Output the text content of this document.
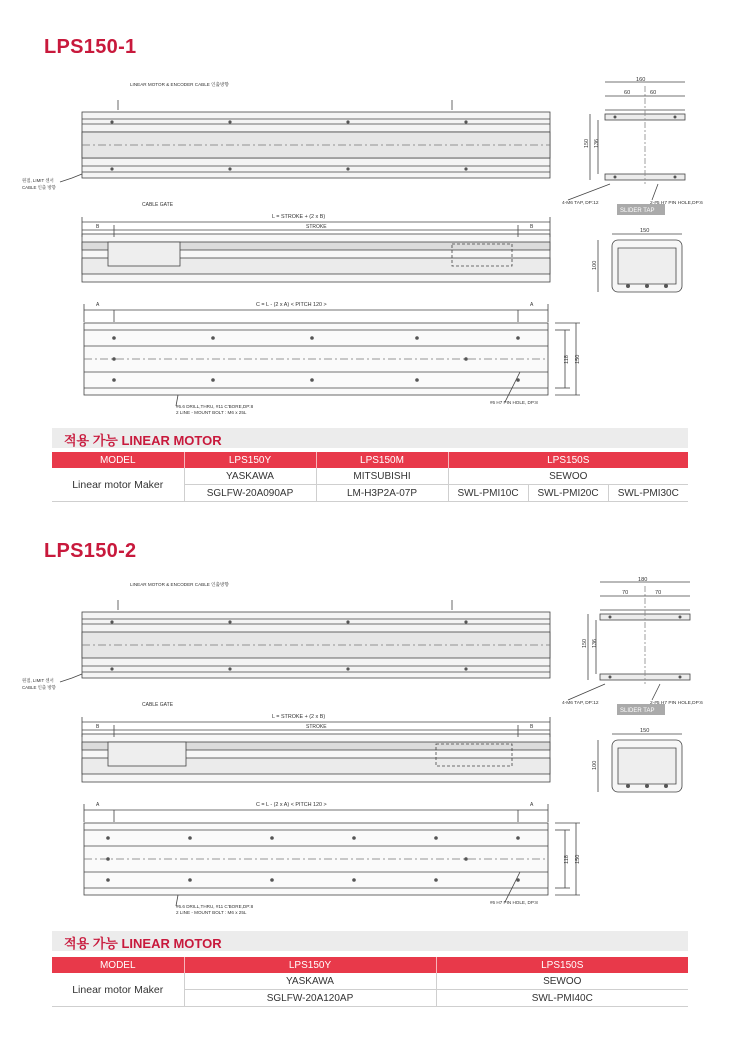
LPS150-1
LINEAR MOTOR & ENCODER CABLE 인출방향
원점, LIMIT 센서
CABLE 인출 방향
CABLE GATE
L = STROKE + (2 x B)
B	STROKE	B
C = L - (2 x A) < PITCH 120 >
A	A
118 150
#6.6 DRILL,THRU, #11 C'BORE,DP:8
2 LINE - MOUNT BOLT : M6 x 25L
#6 H7 PIN HOLE, DP:8
160
60	60
150 136
4-M6 TAP, DP:12	2-#5 H7 PIN HOLE,DP:6
SLIDER TAP
150
100
적용 가능 LINEAR MOTOR
MODEL	LPS150Y	LPS150M	LPS150S		
Linear motor Maker	YASKAWA	MITSUBISHI	SEWOO		
	SGLFW-20A090AP	LM-H3P2A-07P	SWL-PMI10C	SWL-PMI20C	SWL-PMI30C
LPS150-2
LINEAR MOTOR & ENCODER CABLE 인출방향
원점, LIMIT 센서
CABLE 인출 방향
CABLE GATE
L = STROKE + (2 x B)
B	STROKE	B
C = L - (2 x A) < PITCH 120 >
A	A
118 150
#6.6 DRILL,THRU, #11 C'BORE,DP:8
2 LINE - MOUNT BOLT : M6 x 25L
#6 H7 PIN HOLE, DP:8
180
70	70
150 136
4-M6 TAP, DP:12	2-#5 H7 PIN HOLE,DP:6
SLIDER TAP
150
100
적용 가능 LINEAR MOTOR
MODEL	LPS150Y	LPS150S
Linear motor Maker	YASKAWA	SEWOO
	SGLFW-20A120AP	SWL-PMI40C
